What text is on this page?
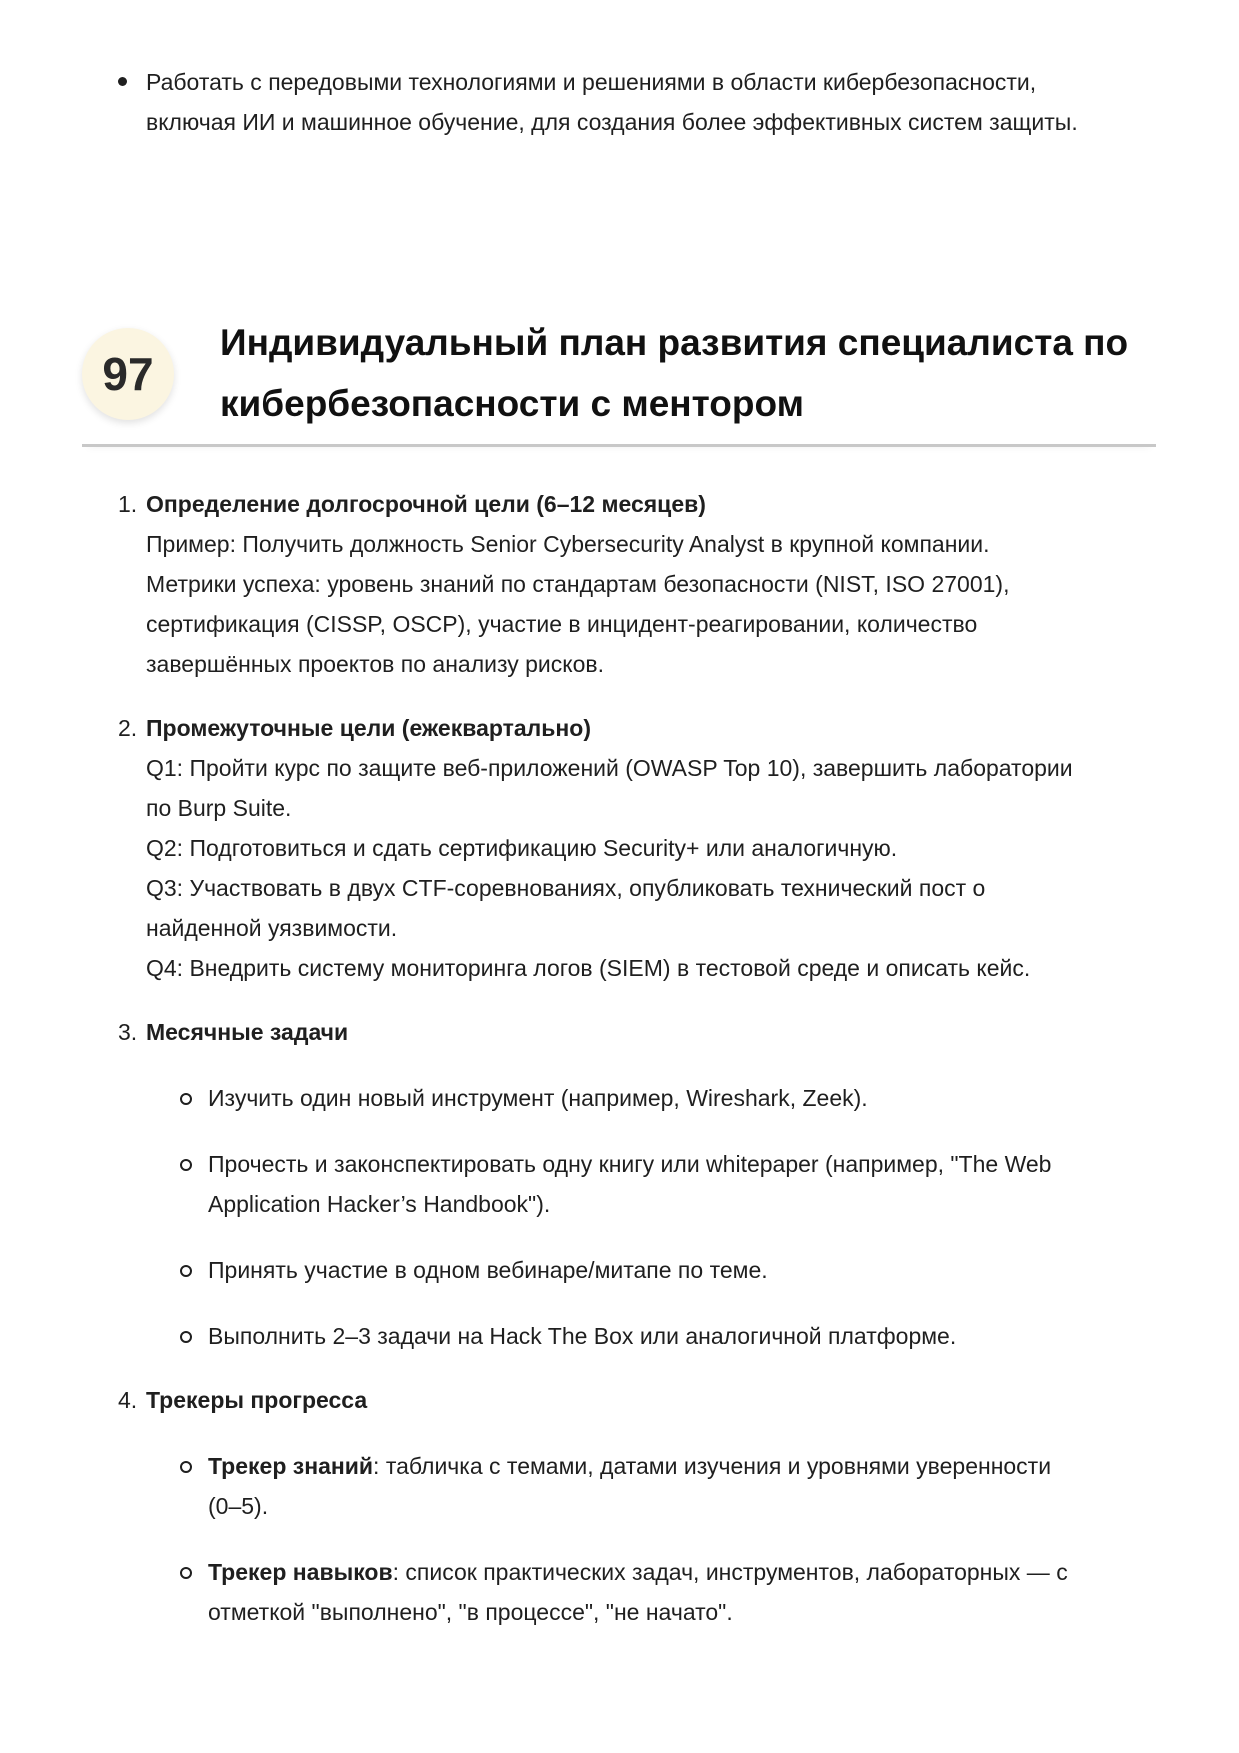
Работать с передовыми технологиями и решениями в области кибербезопасности,
включая ИИ и машинное обучение, для создания более эффективных систем защиты.
97
Индивидуальный план развития специалиста по
кибербезопасности с ментором
1. Определение долгосрочной цели (6–12 месяцев)
Пример: Получить должность Senior Cybersecurity Analyst в крупной компании.
Метрики успеха: уровень знаний по стандартам безопасности (NIST, ISO 27001),
сертификация (CISSP, OSCP), участие в инцидент-реагировании, количество
завершённых проектов по анализу рисков.
2. Промежуточные цели (ежеквартально)
Q1: Пройти курс по защите веб-приложений (OWASP Top 10), завершить лаборатории
по Burp Suite.
Q2: Подготовиться и сдать сертификацию Security+ или аналогичную.
Q3: Участвовать в двух CTF-соревнованиях, опубликовать технический пост о
найденной уязвимости.
Q4: Внедрить систему мониторинга логов (SIEM) в тестовой среде и описать кейс.
3. Месячные задачи
Изучить один новый инструмент (например, Wireshark, Zeek).
Прочесть и законспектировать одну книгу или whitepaper (например, "The Web
Application Hacker’s Handbook").
Принять участие в одном вебинаре/митапе по теме.
Выполнить 2–3 задачи на Hack The Box или аналогичной платформе.
4. Трекеры прогресса
Трекер знаний: табличка с темами, датами изучения и уровнями уверенности
(0–5).
Трекер навыков: список практических задач, инструментов, лабораторных — с
отметкой "выполнено", "в процессе", "не начато".
